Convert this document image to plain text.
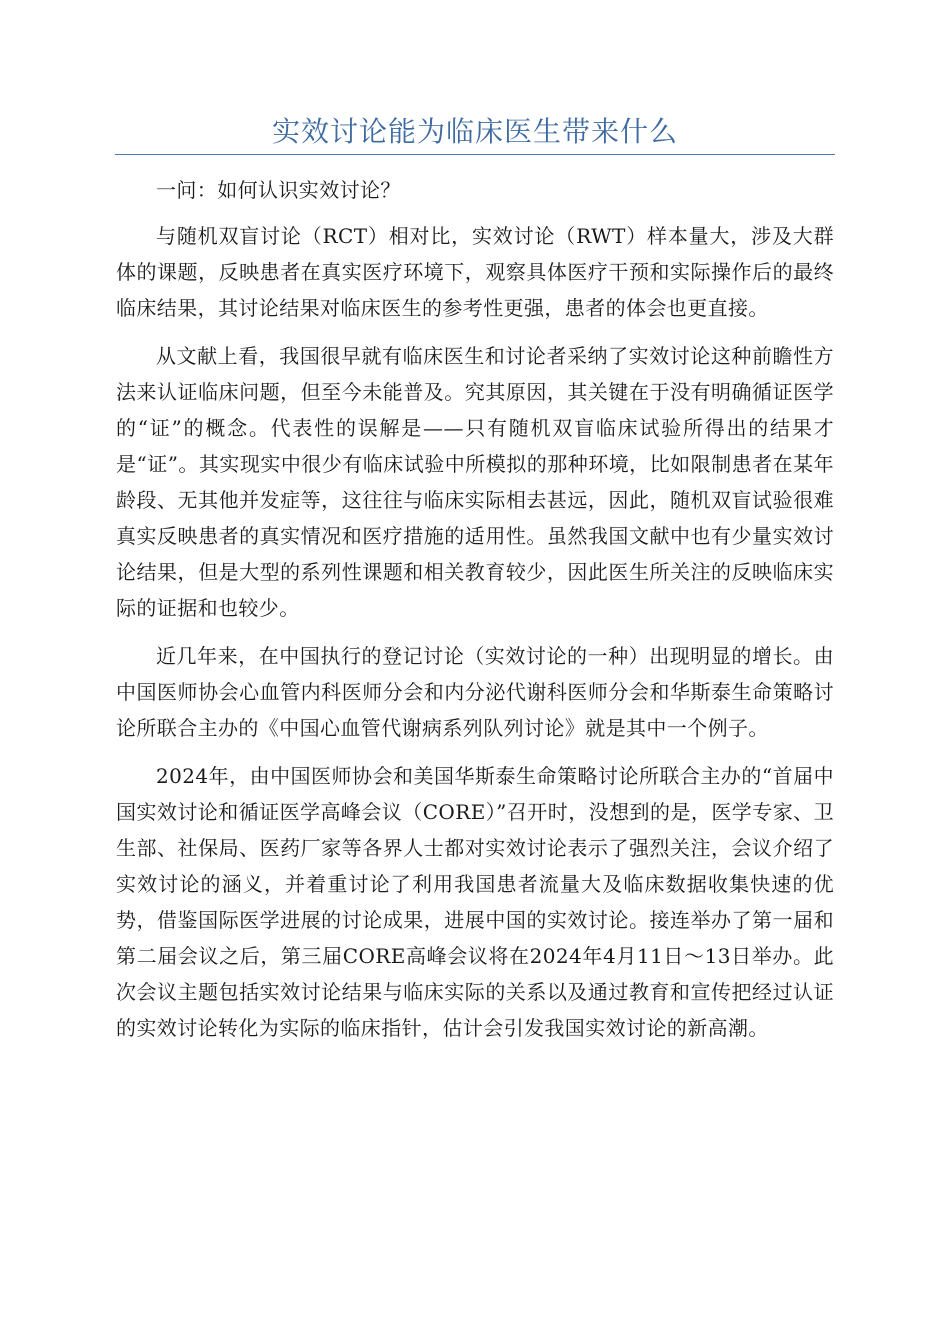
实效讨论能为临床医生带来什么

一问：如何认识实效讨论？

与随机双盲讨论（RCT）相对比，实效讨论（RWT）样本量大，涉及大群体的课题，反映患者在真实医疗环境下，观察具体医疗干预和实际操作后的最终临床结果，其讨论结果对临床医生的参考性更强，患者的体会也更直接。

从文献上看，我国很早就有临床医生和讨论者采纳了实效讨论这种前瞻性方法来认证临床问题，但至今未能普及。究其原因，其关键在于没有明确循证医学的“证”的概念。代表性的误解是——只有随机双盲临床试验所得出的结果才是“证”。其实现实中很少有临床试验中所模拟的那种环境，比如限制患者在某年龄段、无其他并发症等，这往往与临床实际相去甚远，因此，随机双盲试验很难真实反映患者的真实情况和医疗措施的适用性。虽然我国文献中也有少量实效讨论结果，但是大型的系列性课题和相关教育较少，因此医生所关注的反映临床实际的证据和也较少。

近几年来，在中国执行的登记讨论（实效讨论的一种）出现明显的增长。由中国医师协会心血管内科医师分会和内分泌代谢科医师分会和华斯泰生命策略讨论所联合主办的《中国心血管代谢病系列队列讨论》就是其中一个例子。

2024年，由中国医师协会和美国华斯泰生命策略讨论所联合主办的“首届中国实效讨论和循证医学高峰会议（CORE）”召开时，没想到的是，医学专家、卫生部、社保局、医药厂家等各界人士都对实效讨论表示了强烈关注，会议介绍了实效讨论的涵义，并着重讨论了利用我国患者流量大及临床数据收集快速的优势，借鉴国际医学进展的讨论成果，进展中国的实效讨论。接连举办了第一届和第二届会议之后，第三届CORE高峰会议将在2024年4月11日～13日举办。此次会议主题包括实效讨论结果与临床实际的关系以及通过教育和宣传把经过认证的实效讨论转化为实际的临床指针，估计会引发我国实效讨论的新高潮。
